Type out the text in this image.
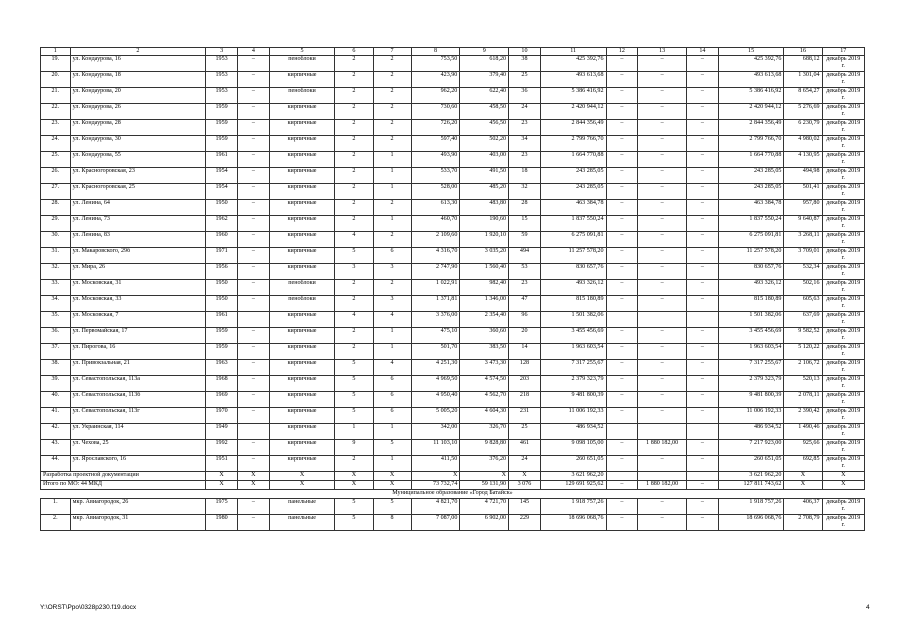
1	2	3	4	5	6	7	8	9	10	11	12	13	14	15	16	17
19.	ул. Кондаурова, 16	1953	–	пеноблоки	2	2	753,50	618,20	38	425 392,76	–	–	–	425 392,76	688,12	декабрь 2019 г.
20.	ул. Кондаурова, 18	1953	–	кирпичные	2	2	423,90	379,40	25	493 613,68	–	–	–	493 613,68	1 301,04	декабрь 2019 г.
21.	ул. Кондаурова, 20	1953	–	пеноблоки	2	2	962,20	622,40	36	5 386 416,92	–	–	–	5 386 416,92	8 654,27	декабрь 2019 г.
22.	ул. Кондаурова, 26	1959	–	кирпичные	2	2	730,60	458,50	24	2 420 944,12	–	–	–	2 420 944,12	5 276,69	декабрь 2019 г.
23.	ул. Кондаурова, 28	1959	–	кирпичные	2	2	726,20	456,50	23	2 844 356,49	–	–	–	2 844 356,49	6 230,79	декабрь 2019 г.
24.	ул. Кондаурова, 30	1959	–	кирпичные	2	2	597,40	502,20	34	2 799 766,70	–	–	–	2 799 766,70	4 980,02	декабрь 2019 г.
25.	ул. Кондаурова, 55	1961	–	кирпичные	2	1	493,90	403,00	23	1 664 770,88	–	–	–	1 664 770,88	4 130,95	декабрь 2019 г.
26.	ул. Красногоровская, 23	1954	–	кирпичные	2	1	533,70	491,50	18	243 285,05	–	–	–	243 285,05	494,98	декабрь 2019 г.
27.	ул. Красногоровская, 25	1954	–	кирпичные	2	1	528,00	485,20	32	243 285,05	–	–	–	243 285,05	501,41	декабрь 2019 г.
28.	ул. Ленина, 64	1950	–	кирпичные	2	2	613,30	483,80	28	463 384,78	–	–	–	463 384,78	957,80	декабрь 2019 г.
29.	ул. Ленина, 73	1962	–	кирпичные	2	1	460,70	190,60	15	1 837 550,24	–	–	–	1 837 550,24	9 640,87	декабрь 2019 г.
30.	ул. Ленина, 83	1960	–	кирпичные	4	2	2 109,60	1 920,10	59	6 275 091,81	–	–	–	6 275 091,81	3 268,11	декабрь 2019 г.
31.	ул. Макаровского, 29б	1971	–	кирпичные	5	6	4 316,70	3 035,20	494	11 257 578,20	–	–	–	11 257 578,20	3 709,01	декабрь 2019 г.
32.	ул. Мира, 26	1956	–	кирпичные	3	3	2 747,90	1 560,40	53	830 657,76	–	–	–	830 657,76	532,34	декабрь 2019 г.
33.	ул. Московская, 31	1950	–	пеноблоки	2	2	1 022,91	982,40	23	493 326,12	–	–	–	493 326,12	502,16	декабрь 2019 г.
34.	ул. Московская, 33	1950	–	пеноблоки	2	3	1 371,81	1 346,00	47	815 180,89	–	–	–	815 180,89	605,63	декабрь 2019 г.
35.	ул. Московская, 7	1961		кирпичные	4	4	3 376,00	2 354,40	96	1 501 382,06				1 501 382,06	637,69	декабрь 2019 г.
36.	ул. Первомайская, 17	1959	–	кирпичные	2	1	475,10	360,60	20	3 455 456,69	–	–	–	3 455 456,69	9 582,52	декабрь 2019 г.
37.	ул. Пирогова, 16	1959	–	кирпичные	2	1	501,70	383,50	14	1 963 603,54	–	–	–	1 963 603,54	5 120,22	декабрь 2019 г.
38.	ул. Привокзальная, 21	1963	–	кирпичные	5	4	4 251,30	3 473,30	128	7 317 255,67	–	–	–	7 317 255,67	2 106,72	декабрь 2019 г.
39.	ул. Севастопольская, 113а	1968	–	кирпичные	5	6	4 969,50	4 574,50	203	2 379 323,79	–	–	–	2 379 323,79	520,13	декабрь 2019 г.
40.	ул. Севастопольская, 113б	1969	–	кирпичные	5	6	4 950,40	4 562,70	218	9 481 800,39	–	–	–	9 481 800,39	2 078,11	декабрь 2019 г.
41.	ул. Севастопольская, 113г	1970	–	кирпичные	5	6	5 005,20	4 604,30	231	11 006 192,33	–	–	–	11 006 192,33	2 390,42	декабрь 2019 г.
42.	ул. Украинская, 114	1949		кирпичные	1	1	342,00	326,70	25	486 934,52				486 934,52	1 490,46	декабрь 2019 г.
43.	ул. Чехова, 25	1992	–	кирпичные	9	5	11 103,10	9 828,80	461	9 098 105,00	–	1 880 182,00	–	7 217 923,00	925,66	декабрь 2019 г.
44.	ул. Ярославского, 16	1951	–	кирпичные	2	1	411,50	376,20	24	260 651,05	–	–	–	260 651,05	692,85	декабрь 2019 г.
Разработка проектной документации		Х	Х	Х	Х	Х	Х	Х	Х	3 621 962,20				3 621 962,20	Х	Х
Итого по МО: 44 МКД		Х	Х	Х	Х	Х	73 732,74	59 131,90	3 076	129 691 925,62	–	1 880 182,00	–	127 811 743,62	Х	Х
Муниципальное образование «Город Батайск»																
1.	мкр. Авиагородок, 26	1975	–	панельные	5	5	4 821,70	4 721,70	145	1 918 757,26	–	–	–	1 918 757,26	406,37	декабрь 2019 г.
2.	мкр. Авиагородок, 31	1980	–	панельные	5	8	7 087,00	6 902,00	229	18 696 068,76	–	–	–	18 696 068,76	2 708,79	декабрь 2019 г.
Y:\ORST\Ppo\0328p230.f19.docx	4
